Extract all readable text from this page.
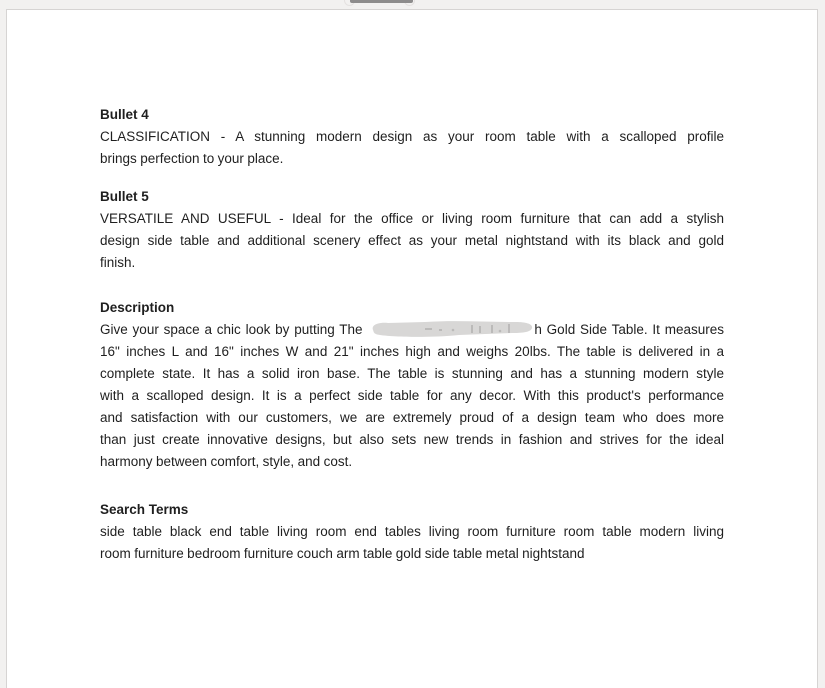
Bullet 4
CLASSIFICATION - A stunning modern design as your room table with a scalloped profile
brings perfection to your place.
Bullet 5
VERSATILE AND USEFUL - Ideal for the office or living room furniture that can add a stylish
design side table and additional scenery effect as your metal nightstand with its black and gold
finish.
Description
Give your space a chic look by putting The	h Gold Side Table. It measures
16" inches L and 16" inches W and 21" inches high and weighs 20lbs. The table is delivered in a
complete state. It has a solid iron base. The table is stunning and has a stunning modern style
with a scalloped design. It is a perfect side table for any decor. With this product's performance
and satisfaction with our customers, we are extremely proud of a design team who does more
than just create innovative designs, but also sets new trends in fashion and strives for the ideal
harmony between comfort, style, and cost.
Search Terms
side table black end table living room end tables living room furniture room table modern living
room furniture bedroom furniture couch arm table gold side table metal nightstand
